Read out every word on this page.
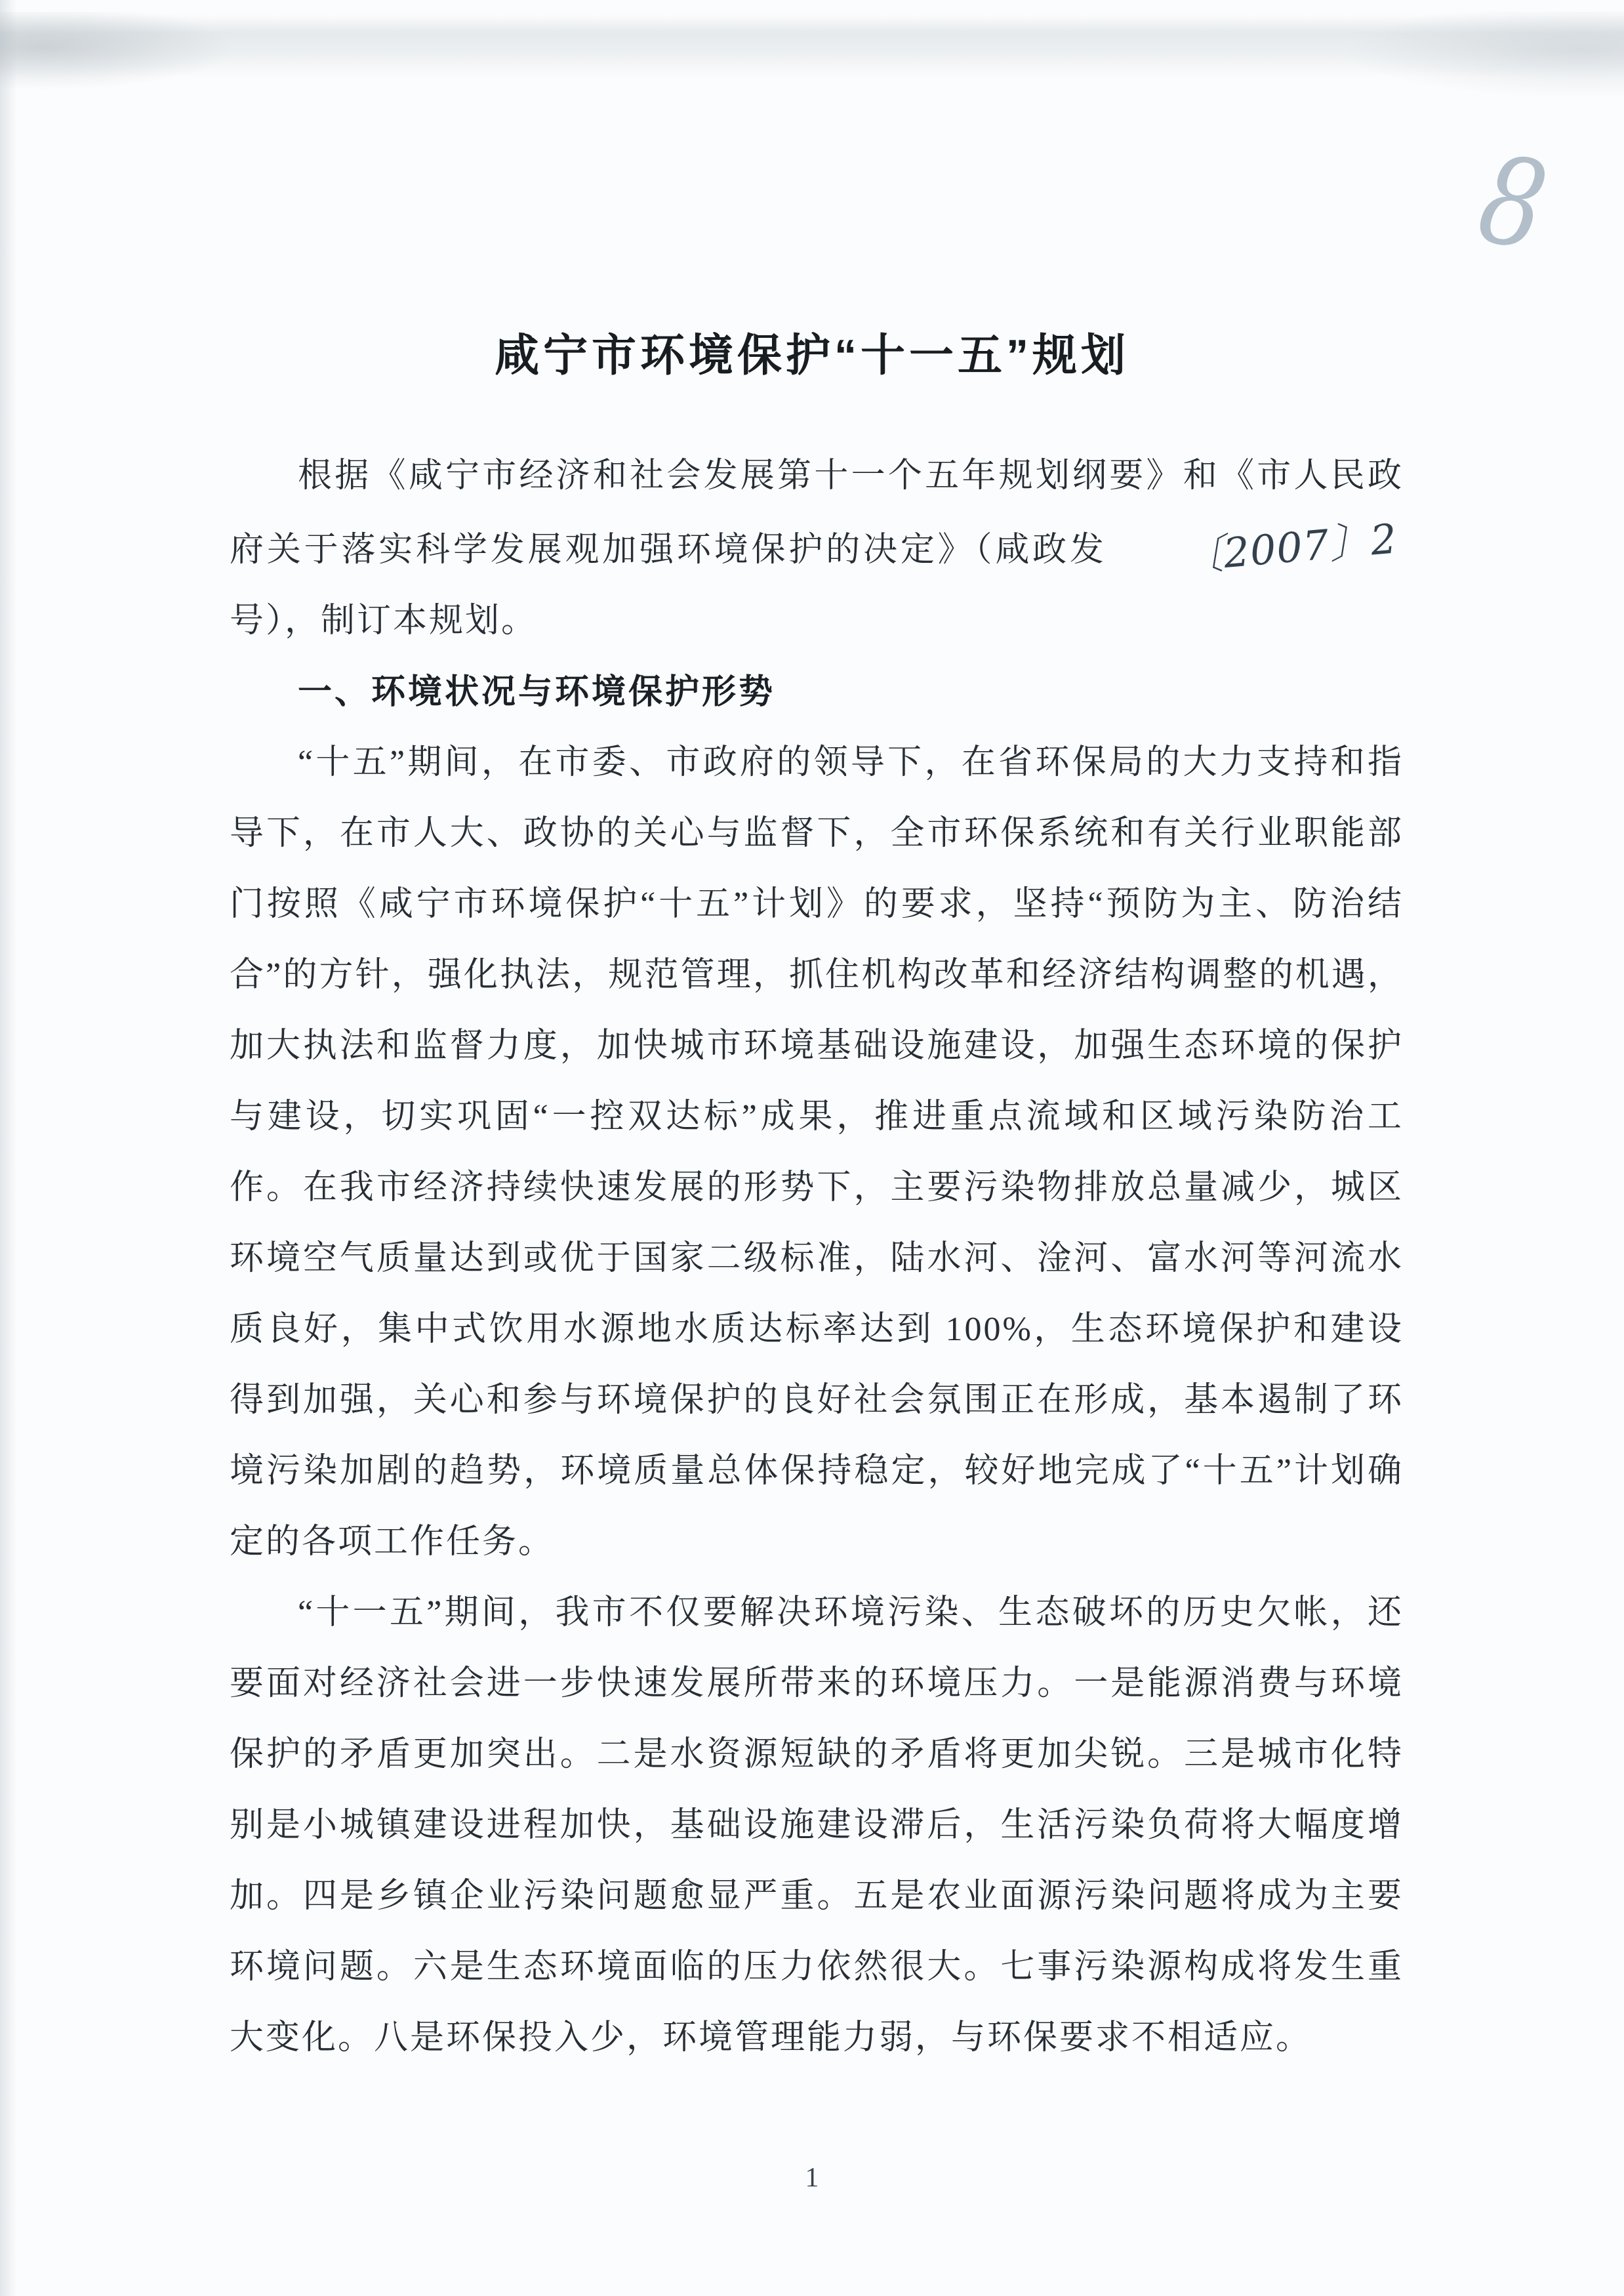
8
咸宁市环境保护“十一五”规划

根据《咸宁市经济和社会发展第十一个五年规划纲要》和《市人民政府关于落实科学发展观加强环境保护的决定》（咸政发 〔2007〕2号），制订本规划。

一、环境状况与环境保护形势

“十五”期间，在市委、市政府的领导下，在省环保局的大力支持和指导下，在市人大、政协的关心与监督下，全市环保系统和有关行业职能部门按照《咸宁市环境保护“十五”计划》的要求，坚持“预防为主、防治结合”的方针，强化执法，规范管理，抓住机构改革和经济结构调整的机遇，加大执法和监督力度，加快城市环境基础设施建设，加强生态环境的保护与建设，切实巩固“一控双达标”成果，推进重点流域和区域污染防治工作。在我市经济持续快速发展的形势下，主要污染物排放总量减少，城区环境空气质量达到或优于国家二级标准，陆水河、淦河、富水河等河流水质良好，集中式饮用水源地水质达标率达到 100%，生态环境保护和建设得到加强，关心和参与环境保护的良好社会氛围正在形成，基本遏制了环境污染加剧的趋势，环境质量总体保持稳定，较好地完成了“十五”计划确定的各项工作任务。

“十一五”期间，我市不仅要解决环境污染、生态破坏的历史欠帐，还要面对经济社会进一步快速发展所带来的环境压力。一是能源消费与环境保护的矛盾更加突出。二是水资源短缺的矛盾将更加尖锐。三是城市化特别是小城镇建设进程加快，基础设施建设滞后，生活污染负荷将大幅度增加。四是乡镇企业污染问题愈显严重。五是农业面源污染问题将成为主要环境问题。六是生态环境面临的压力依然很大。七事污染源构成将发生重大变化。八是环保投入少，环境管理能力弱，与环保要求不相适应。

1
